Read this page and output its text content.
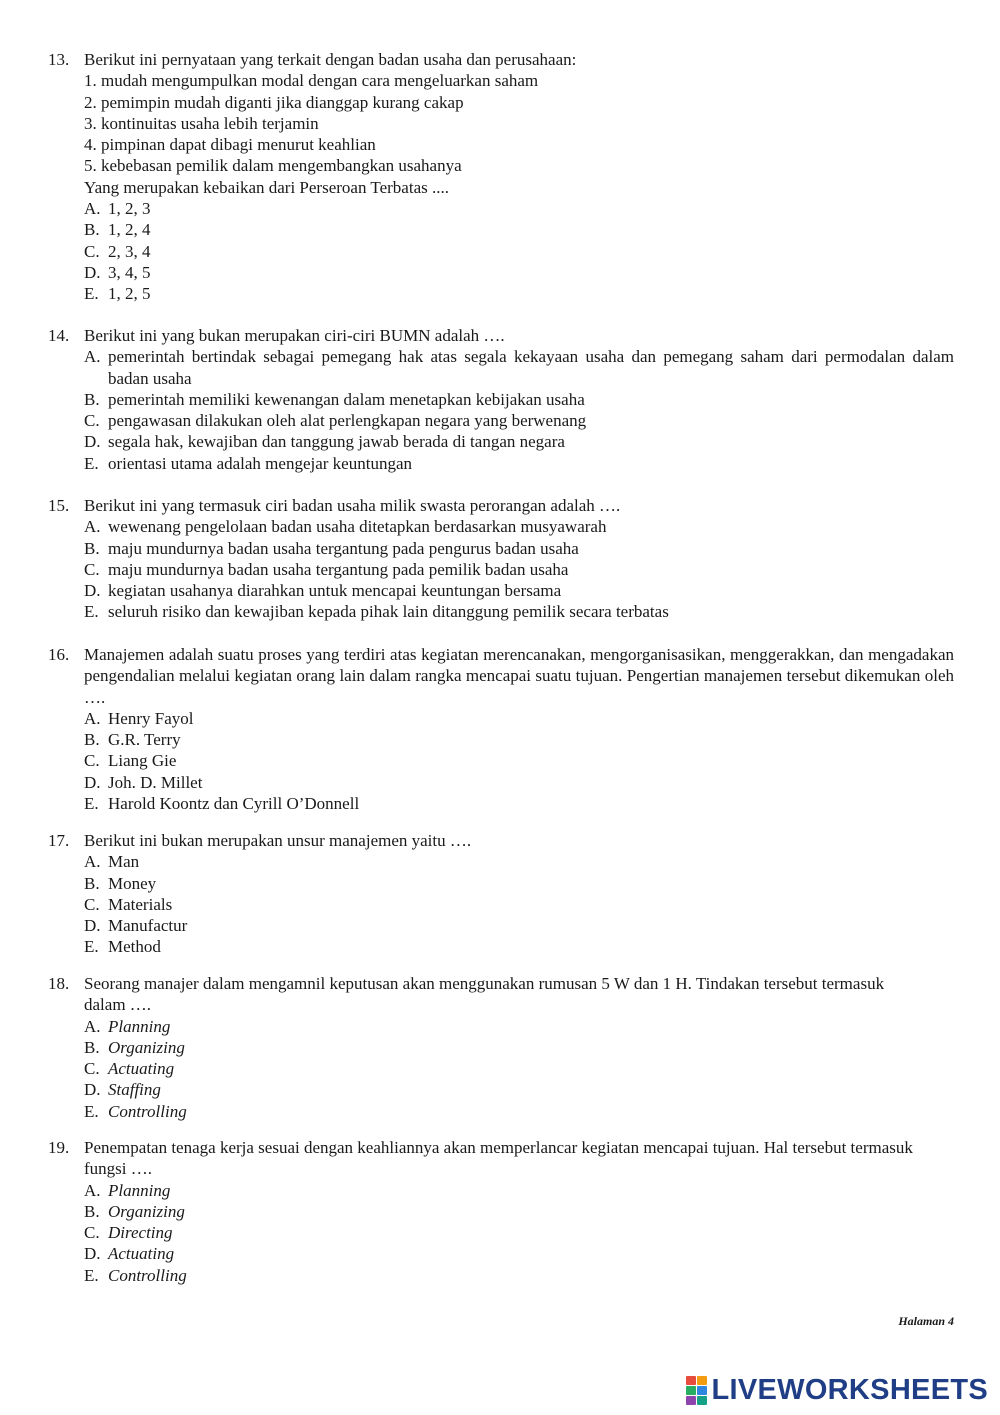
13. Berikut ini pernyataan yang terkait dengan badan usaha dan perusahaan:
1. mudah mengumpulkan modal dengan cara mengeluarkan saham
2. pemimpin mudah diganti jika dianggap kurang cakap
3. kontinuitas usaha lebih terjamin
4. pimpinan dapat dibagi menurut keahlian
5. kebebasan pemilik dalam mengembangkan usahanya
Yang merupakan kebaikan dari Perseroan Terbatas ....
A. 1, 2, 3
B. 1, 2, 4
C. 2, 3, 4
D. 3, 4, 5
E. 1, 2, 5
14. Berikut ini yang bukan merupakan ciri-ciri BUMN adalah ….
A. pemerintah bertindak sebagai pemegang hak atas segala kekayaan usaha dan pemegang saham dari permodalan dalam badan usaha
B. pemerintah memiliki kewenangan dalam menetapkan kebijakan usaha
C. pengawasan dilakukan oleh alat perlengkapan negara yang berwenang
D. segala hak, kewajiban dan tanggung jawab berada di tangan negara
E. orientasi utama adalah mengejar keuntungan
15. Berikut ini yang termasuk ciri badan usaha milik swasta perorangan adalah ….
A. wewenang pengelolaan badan usaha ditetapkan berdasarkan musyawarah
B. maju mundurnya badan usaha tergantung pada pengurus badan usaha
C. maju mundurnya badan usaha tergantung pada pemilik badan usaha
D. kegiatan usahanya diarahkan untuk mencapai keuntungan bersama
E. seluruh risiko dan kewajiban kepada pihak lain ditanggung pemilik secara terbatas
16. Manajemen adalah suatu proses yang terdiri atas kegiatan merencanakan, mengorganisasikan, menggerakkan, dan mengadakan pengendalian melalui kegiatan orang lain dalam rangka mencapai suatu tujuan. Pengertian manajemen tersebut dikemukan oleh ….
A. Henry Fayol
B. G.R. Terry
C. Liang Gie
D. Joh. D. Millet
E. Harold Koontz dan Cyrill O’Donnell
17. Berikut ini bukan merupakan unsur manajemen yaitu ….
A. Man
B. Money
C. Materials
D. Manufactur
E. Method
18. Seorang manajer dalam mengamnil keputusan akan menggunakan rumusan 5 W dan 1 H. Tindakan tersebut termasuk dalam ….
A. Planning
B. Organizing
C. Actuating
D. Staffing
E. Controlling
19. Penempatan tenaga kerja sesuai dengan keahliannya akan memperlancar kegiatan mencapai tujuan. Hal tersebut termasuk fungsi ….
A. Planning
B. Organizing
C. Directing
D. Actuating
E. Controlling
Halaman 4
LIVEWORKSHEETS
